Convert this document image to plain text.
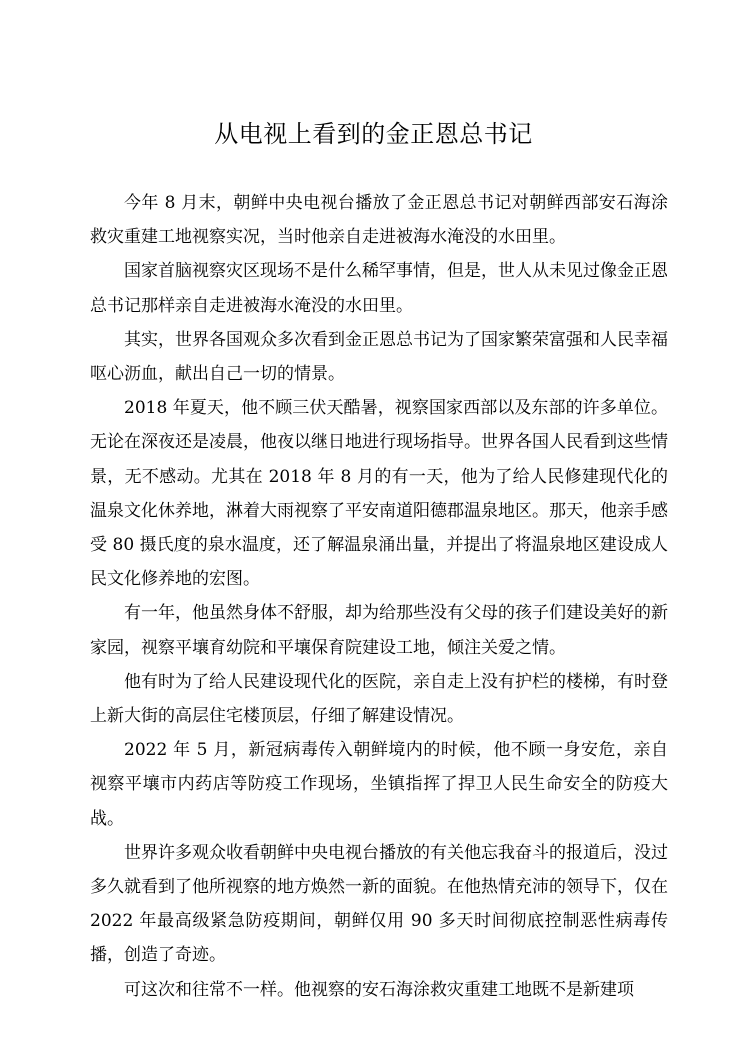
从电视上看到的金正恩总书记

今年 8 月末，朝鲜中央电视台播放了金正恩总书记对朝鲜西部安石海涂救灾重建工地视察实况，当时他亲自走进被海水淹没的水田里。

国家首脑视察灾区现场不是什么稀罕事情，但是，世人从未见过像金正恩总书记那样亲自走进被海水淹没的水田里。

其实，世界各国观众多次看到金正恩总书记为了国家繁荣富强和人民幸福呕心沥血，献出自己一切的情景。

2018 年夏天，他不顾三伏天酷暑，视察国家西部以及东部的许多单位。无论在深夜还是凌晨，他夜以继日地进行现场指导。世界各国人民看到这些情景，无不感动。尤其在 2018 年 8 月的有一天，他为了给人民修建现代化的温泉文化休养地，淋着大雨视察了平安南道阳德郡温泉地区。那天，他亲手感受 80 摄氏度的泉水温度，还了解温泉涌出量，并提出了将温泉地区建设成人民文化修养地的宏图。

有一年，他虽然身体不舒服，却为给那些没有父母的孩子们建设美好的新家园，视察平壤育幼院和平壤保育院建设工地，倾注关爱之情。

他有时为了给人民建设现代化的医院，亲自走上没有护栏的楼梯，有时登上新大街的高层住宅楼顶层，仔细了解建设情况。

2022 年 5 月，新冠病毒传入朝鲜境内的时候，他不顾一身安危，亲自视察平壤市内药店等防疫工作现场，坐镇指挥了捍卫人民生命安全的防疫大战。

世界许多观众收看朝鲜中央电视台播放的有关他忘我奋斗的报道后，没过多久就看到了他所视察的地方焕然一新的面貌。在他热情充沛的领导下，仅在 2022 年最高级紧急防疫期间，朝鲜仅用 90 多天时间彻底控制恶性病毒传播，创造了奇迹。

可这次和往常不一样。他视察的安石海涂救灾重建工地既不是新建项
